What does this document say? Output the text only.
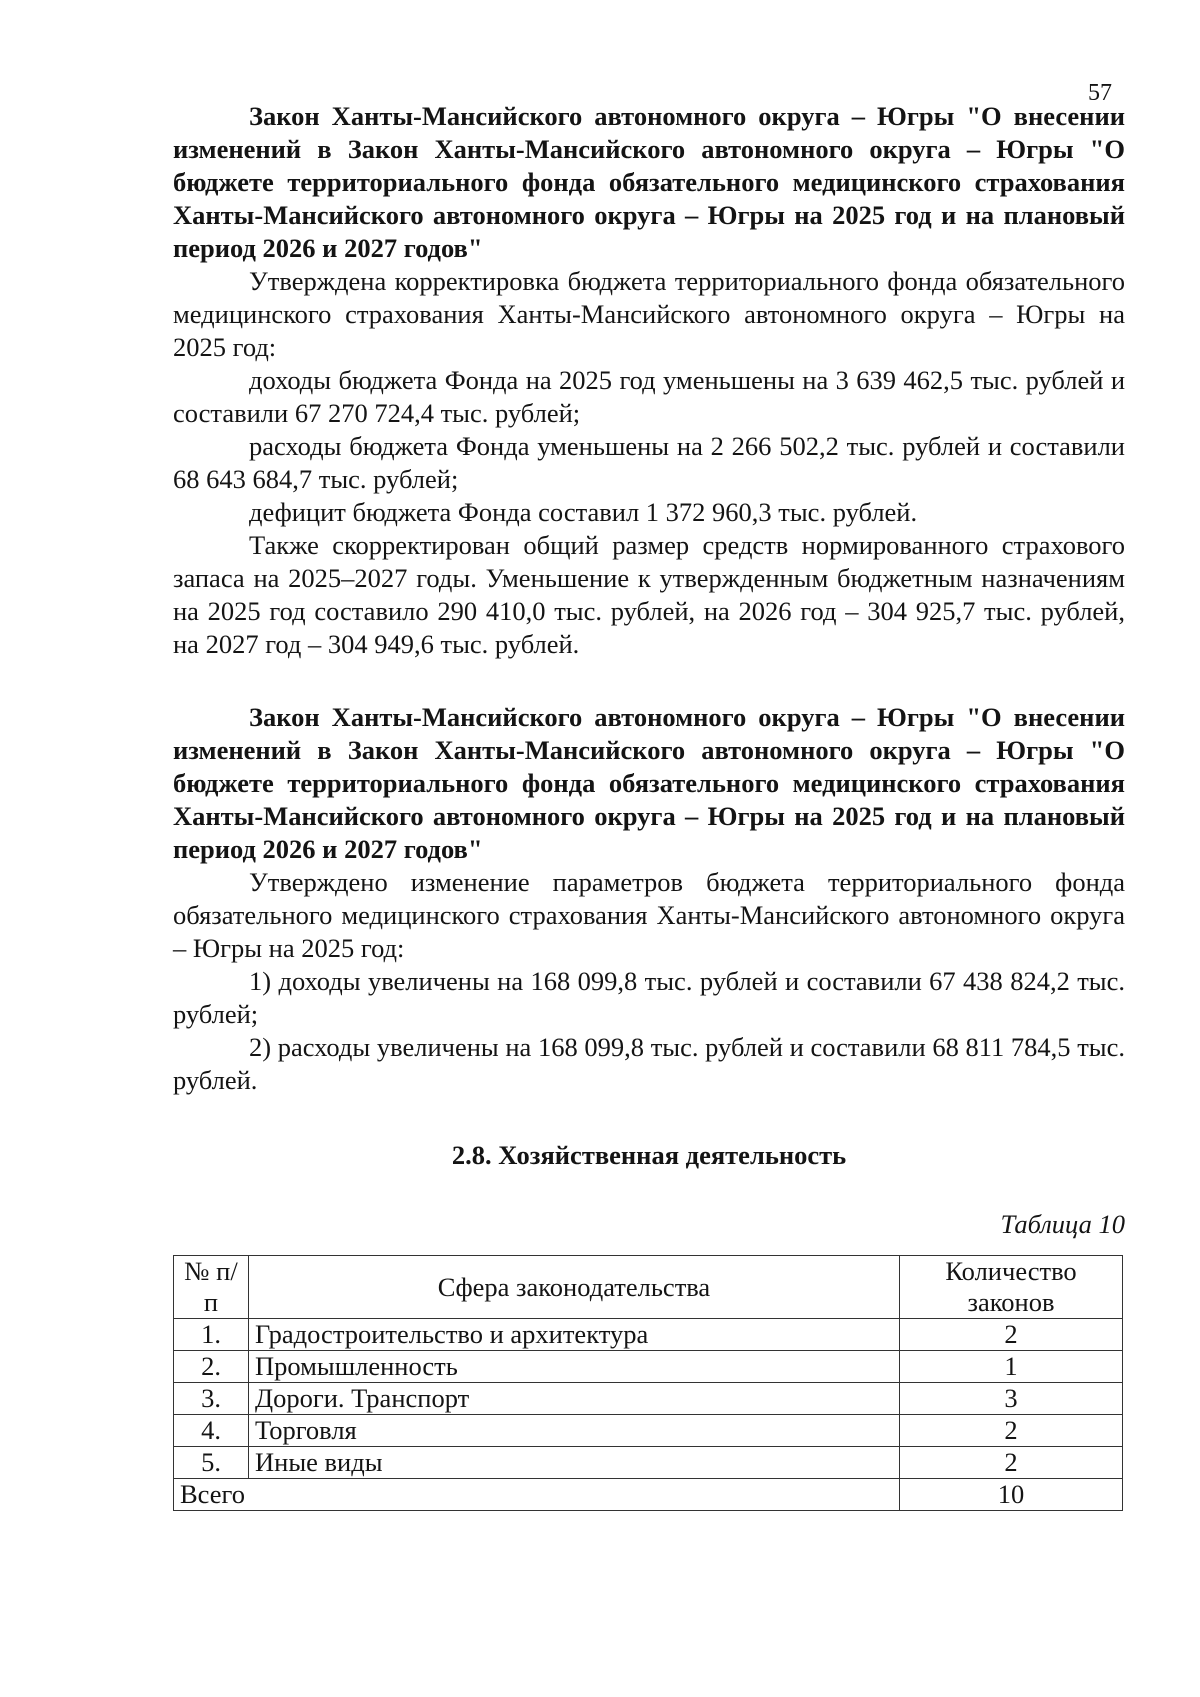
57
Закон Ханты-Мансийского автономного округа – Югры "О внесении изменений в Закон Ханты-Мансийского автономного округа – Югры "О бюджете территориального фонда обязательного медицинского страхования Ханты-Мансийского автономного округа – Югры на 2025 год и на плановый период 2026 и 2027 годов"

Утверждена корректировка бюджета территориального фонда обязательного медицинского страхования Ханты-Мансийского автономного округа – Югры на 2025 год:

доходы бюджета Фонда на 2025 год уменьшены на 3 639 462,5 тыс. рублей и составили 67 270 724,4 тыс. рублей;

расходы бюджета Фонда уменьшены на 2 266 502,2 тыс. рублей и составили 68 643 684,7 тыс. рублей;

дефицит бюджета Фонда составил 1 372 960,3 тыс. рублей.

Также скорректирован общий размер средств нормированного страхового запаса на 2025–2027 годы. Уменьшение к утвержденным бюджетным назначениям на 2025 год составило 290 410,0 тыс. рублей, на 2026 год – 304 925,7 тыс. рублей, на 2027 год – 304 949,6 тыс. рублей.

Закон Ханты-Мансийского автономного округа – Югры "О внесении изменений в Закон Ханты-Мансийского автономного округа – Югры "О бюджете территориального фонда обязательного медицинского страхования Ханты-Мансийского автономного округа – Югры на 2025 год и на плановый период 2026 и 2027 годов"

Утверждено изменение параметров бюджета территориального фонда обязательного медицинского страхования Ханты-Мансийского автономного округа – Югры на 2025 год:

1) доходы увеличены на 168 099,8 тыс. рублей и составили 67 438 824,2 тыс. рублей;

2) расходы увеличены на 168 099,8 тыс. рублей и составили 68 811 784,5 тыс. рублей.

2.8. Хозяйственная деятельность
Таблица 10
№ п/п	Сфера законодательства	Количество законов
1.	Градостроительство и архитектура	2
2.	Промышленность	1
3.	Дороги. Транспорт	3
4.	Торговля	2
5.	Иные виды	2
Всего		10
